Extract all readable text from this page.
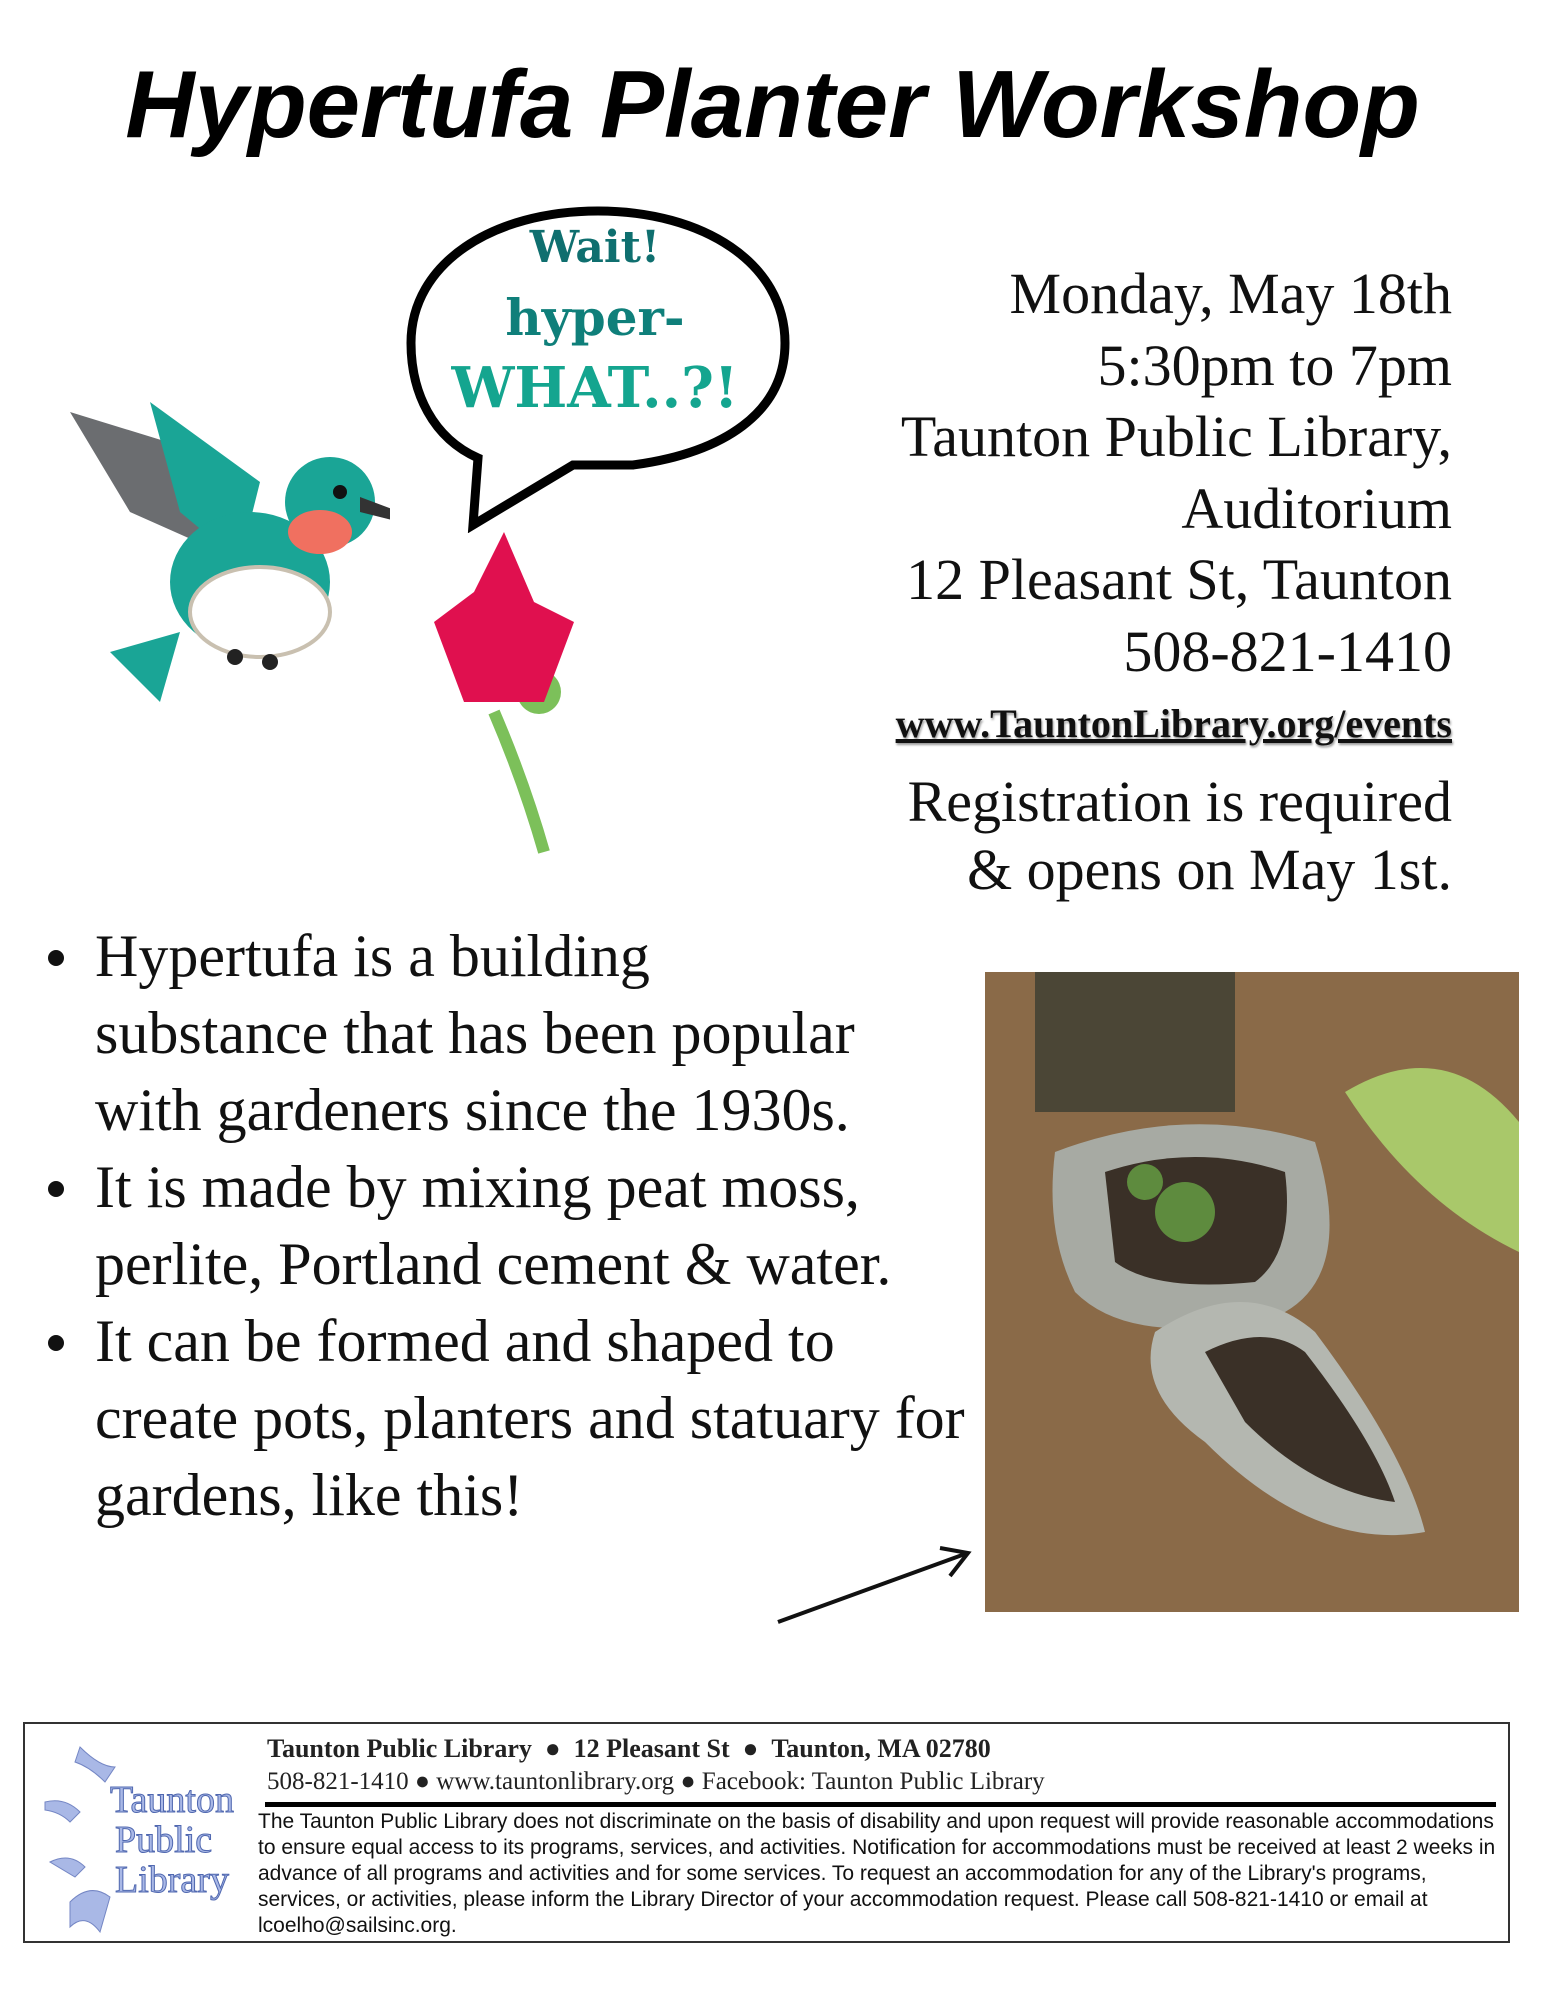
Hypertufa Planter Workshop
Wait!
hyper-
WHAT..?!
Monday, May 18th
5:30pm to 7pm
Taunton Public Library,
Auditorium
12 Pleasant St, Taunton
508-821-1410
www.TauntonLibrary.org/events
Registration is required
& opens on May 1st.
Hypertufa is a building substance that has been popular with gardeners since the 1930s.
It is made by mixing peat moss, perlite, Portland cement & water.
It can be formed and shaped to create pots, planters and statuary for gardens, like this!
Taunton
Public
Library
Taunton Public Library ● 12 Pleasant St ● Taunton, MA 02780
508-821-1410 ● www.tauntonlibrary.org ● Facebook: Taunton Public Library
The Taunton Public Library does not discriminate on the basis of disability and upon request will provide reasonable accommodations to ensure equal access to its programs, services, and activities. Notification for accommodations must be received at least 2 weeks in advance of all programs and activities and for some services. To request an accommodation for any of the Library's programs, services, or activities, please inform the Library Director of your accommodation request. Please call 508-821-1410 or email at lcoelho@sailsinc.org.
